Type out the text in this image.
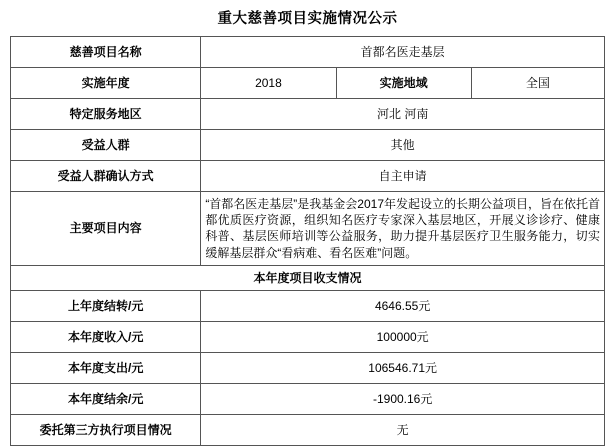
重大慈善项目实施情况公示
慈善项目名称	首都名医走基层		
实施年度	2018	实施地域	全国
特定服务地区	河北 河南		
受益人群	其他		
受益人群确认方式	自主申请		
主要项目内容	“首都名医走基层”是我基金会2017年发起设立的长期公益项目，旨在依托首都优质医疗资源，组织知名医疗专家深入基层地区，开展义诊诊疗、健康科普、基层医师培训等公益服务，助力提升基层医疗卫生服务能力，切实缓解基层群众“看病难、看名医难”问题。		

本年度项目收支情况			
上年度结转/元	4646.55元		
本年度收入/元	100000元		
本年度支出/元	106546.71元		
本年度结余/元	-1900.16元		
委托第三方执行项目情况	无		
